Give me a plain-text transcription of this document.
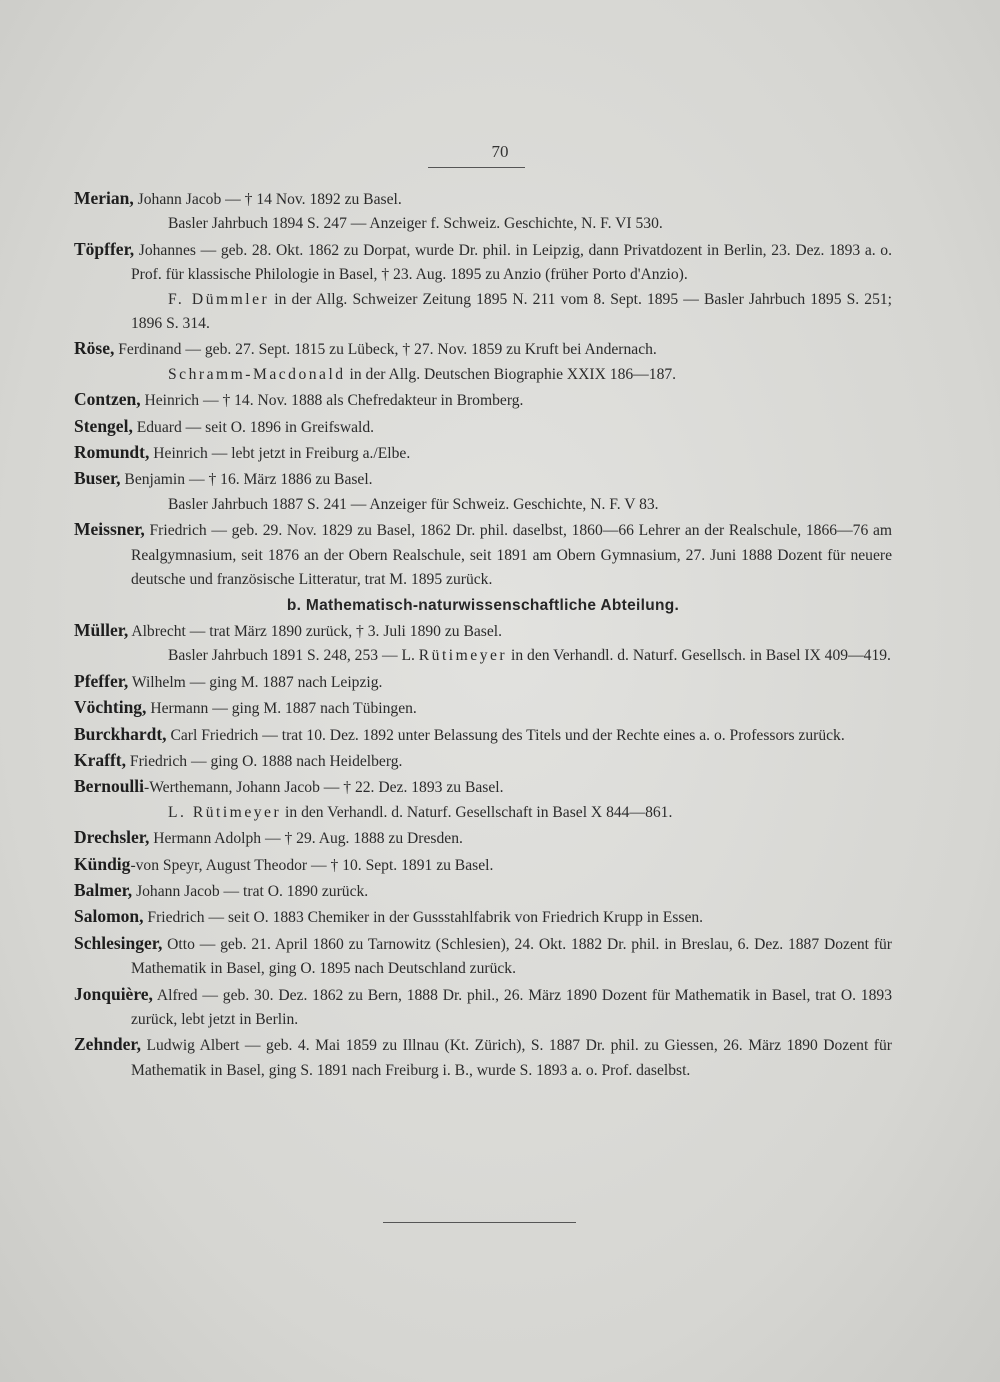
70

Merian, Johann Jacob — † 14 Nov. 1892 zu Basel.

Basler Jahrbuch 1894 S. 247 — Anzeiger f. Schweiz. Geschichte, N. F. VI 530.

Töpffer, Johannes — geb. 28. Okt. 1862 zu Dorpat, wurde Dr. phil. in Leipzig, dann Privatdozent in Berlin, 23. Dez. 1893 a. o. Prof. für klassische Philologie in Basel, † 23. Aug. 1895 zu Anzio (früher Porto d'Anzio).

F. Dümmler in der Allg. Schweizer Zeitung 1895 N. 211 vom 8. Sept. 1895 — Basler Jahrbuch 1895 S. 251; 1896 S. 314.

Röse, Ferdinand — geb. 27. Sept. 1815 zu Lübeck, † 27. Nov. 1859 zu Kruft bei Andernach.

Schramm-Macdonald in der Allg. Deutschen Biographie XXIX 186—187.

Contzen, Heinrich — † 14. Nov. 1888 als Chefredakteur in Bromberg.

Stengel, Eduard — seit O. 1896 in Greifswald.

Romundt, Heinrich — lebt jetzt in Freiburg a./Elbe.

Buser, Benjamin — † 16. März 1886 zu Basel.

Basler Jahrbuch 1887 S. 241 — Anzeiger für Schweiz. Geschichte, N. F. V 83.

Meissner, Friedrich — geb. 29. Nov. 1829 zu Basel, 1862 Dr. phil. daselbst, 1860—66 Lehrer an der Realschule, 1866—76 am Realgymnasium, seit 1876 an der Obern Realschule, seit 1891 am Obern Gymnasium, 27. Juni 1888 Dozent für neuere deutsche und französische Litteratur, trat M. 1895 zurück.

b. Mathematisch-naturwissenschaftliche Abteilung.

Müller, Albrecht — trat März 1890 zurück, † 3. Juli 1890 zu Basel.

Basler Jahrbuch 1891 S. 248, 253 — L. Rütimeyer in den Verhandl. d. Naturf. Gesellsch. in Basel IX 409—419.

Pfeffer, Wilhelm — ging M. 1887 nach Leipzig.

Vöchting, Hermann — ging M. 1887 nach Tübingen.

Burckhardt, Carl Friedrich — trat 10. Dez. 1892 unter Belassung des Titels und der Rechte eines a. o. Professors zurück.

Krafft, Friedrich — ging O. 1888 nach Heidelberg.

Bernoulli-Werthemann, Johann Jacob — † 22. Dez. 1893 zu Basel.

L. Rütimeyer in den Verhandl. d. Naturf. Gesellschaft in Basel X 844—861.

Drechsler, Hermann Adolph — † 29. Aug. 1888 zu Dresden.

Kündig-von Speyr, August Theodor — † 10. Sept. 1891 zu Basel.

Balmer, Johann Jacob — trat O. 1890 zurück.

Salomon, Friedrich — seit O. 1883 Chemiker in der Gussstahlfabrik von Friedrich Krupp in Essen.

Schlesinger, Otto — geb. 21. April 1860 zu Tarnowitz (Schlesien), 24. Okt. 1882 Dr. phil. in Breslau, 6. Dez. 1887 Dozent für Mathematik in Basel, ging O. 1895 nach Deutschland zurück.

Jonquière, Alfred — geb. 30. Dez. 1862 zu Bern, 1888 Dr. phil., 26. März 1890 Dozent für Mathematik in Basel, trat O. 1893 zurück, lebt jetzt in Berlin.

Zehnder, Ludwig Albert — geb. 4. Mai 1859 zu Illnau (Kt. Zürich), S. 1887 Dr. phil. zu Giessen, 26. März 1890 Dozent für Mathematik in Basel, ging S. 1891 nach Freiburg i. B., wurde S. 1893 a. o. Prof. daselbst.
